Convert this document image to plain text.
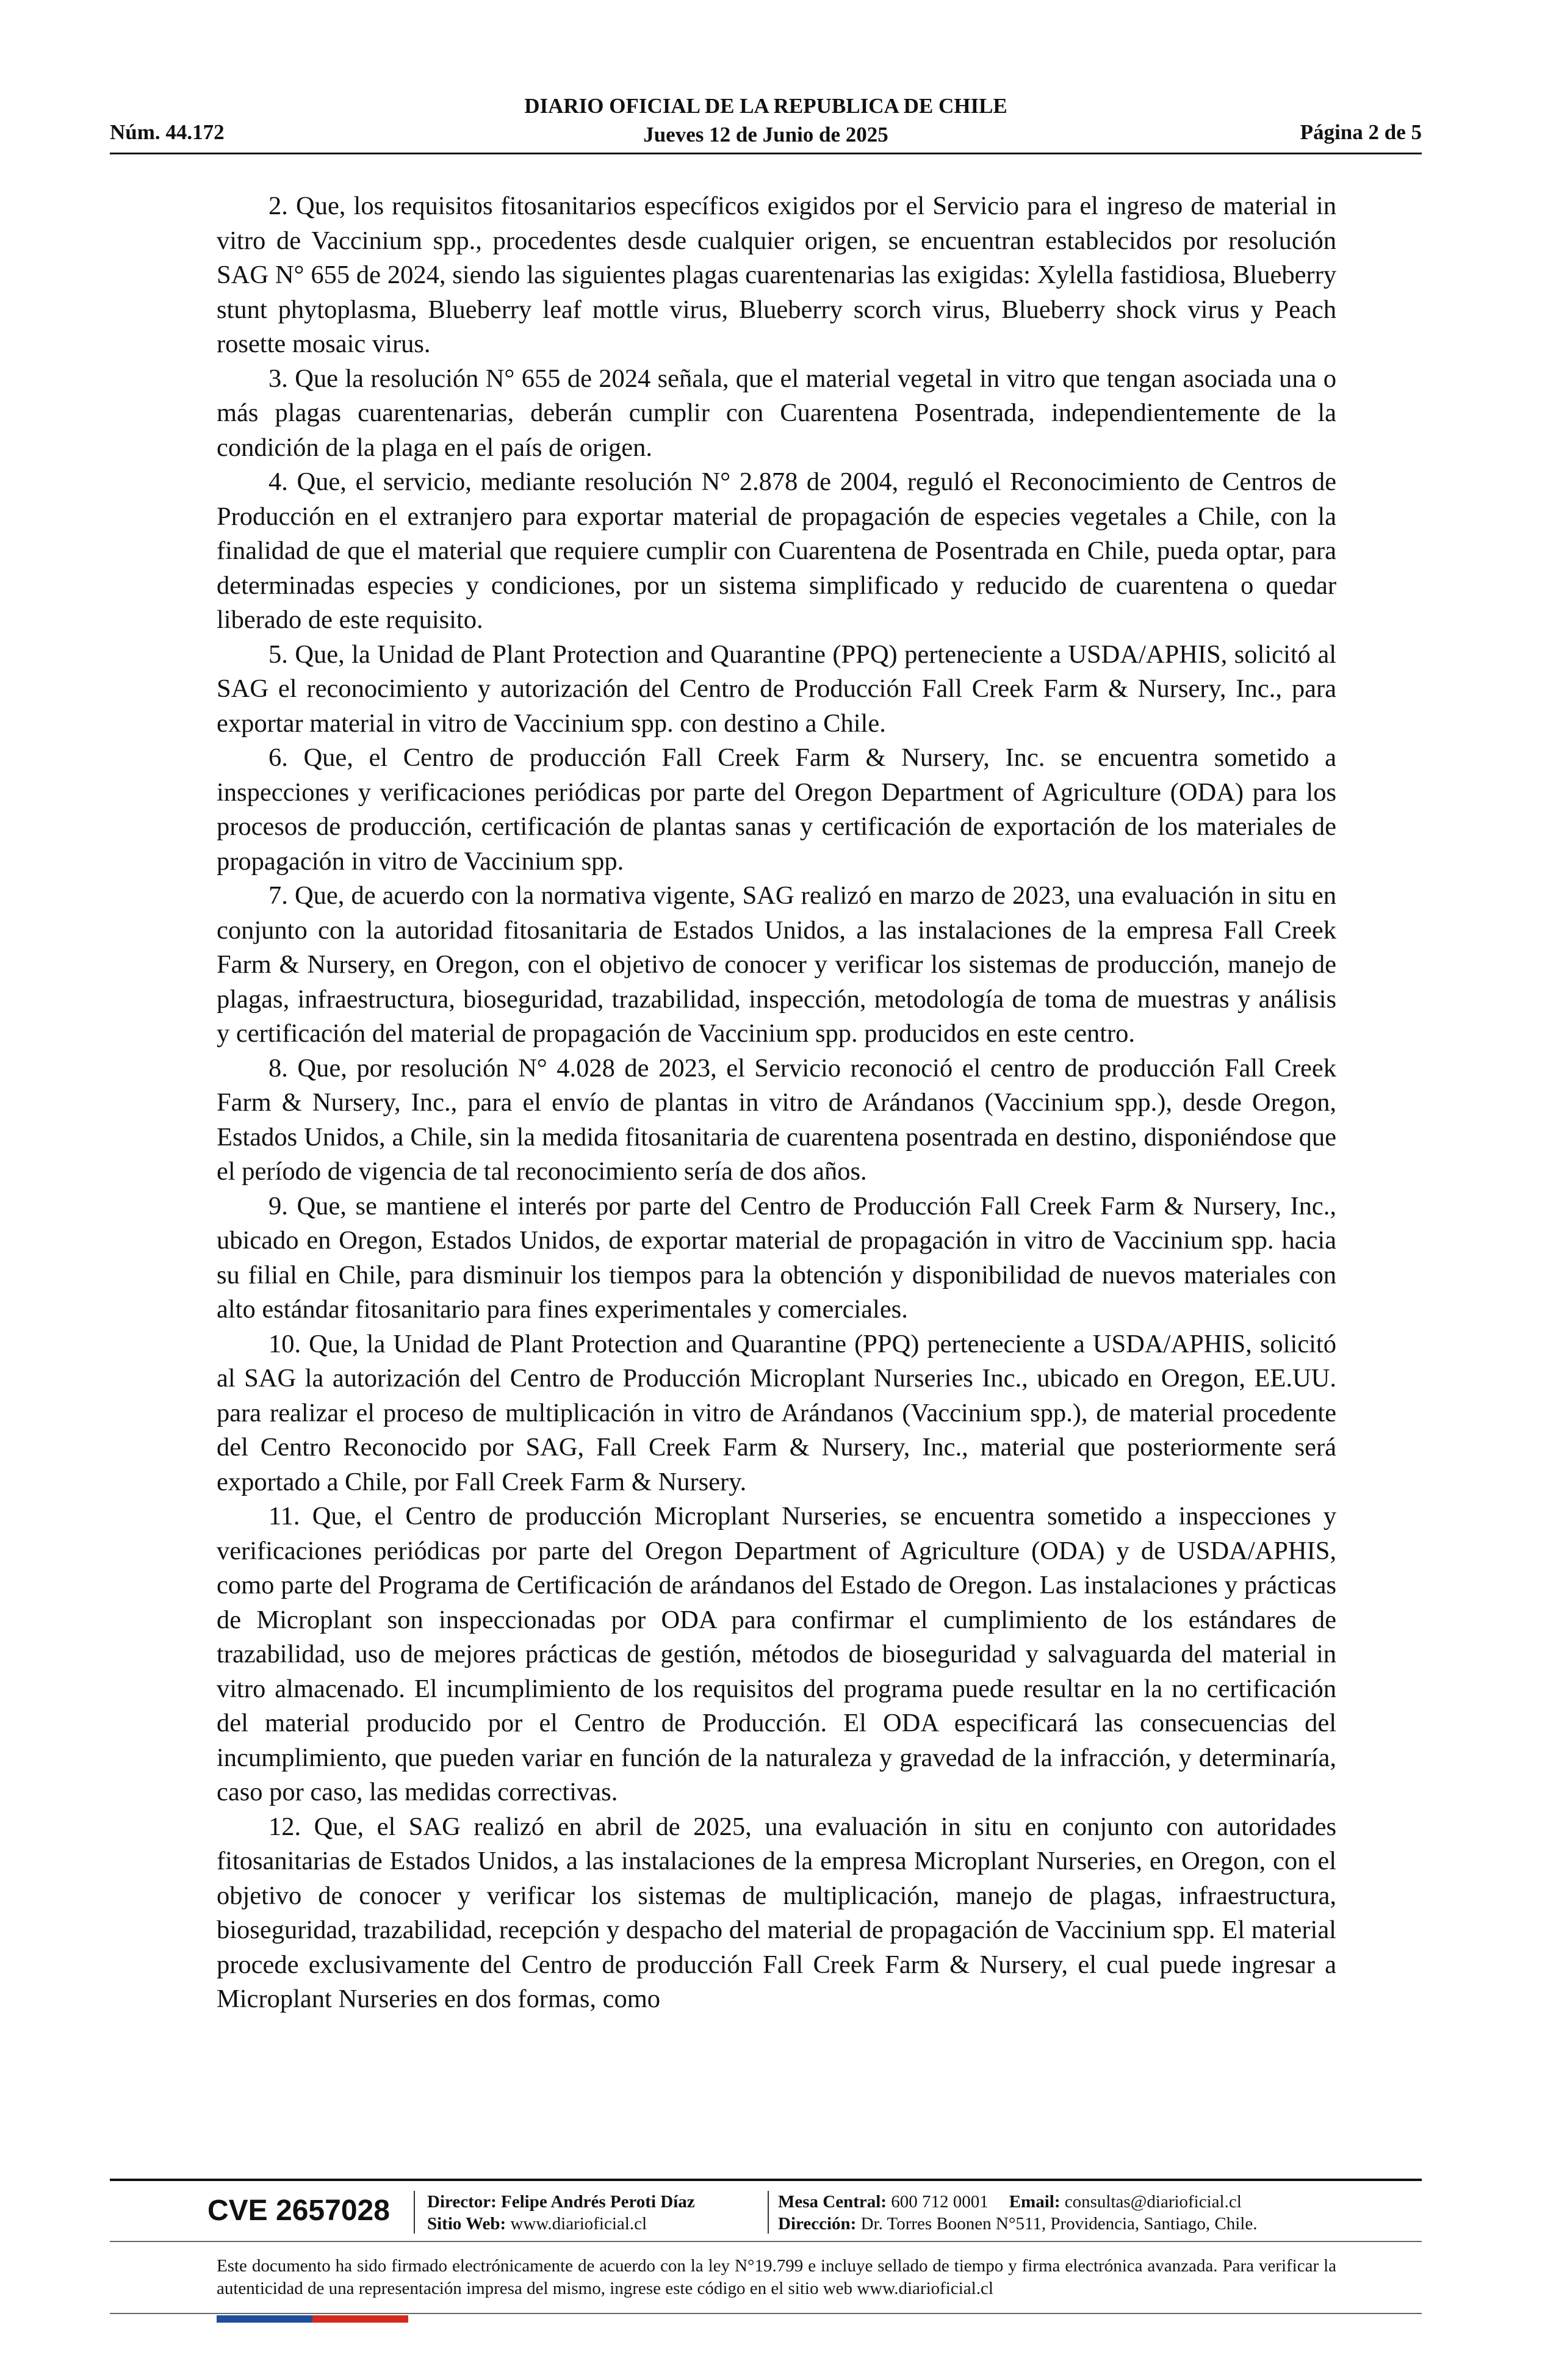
DIARIO OFICIAL DE LA REPUBLICA DE CHILE
Jueves 12 de Junio de 2025
Núm. 44.172	Página 2 de 5

2. Que, los requisitos fitosanitarios específicos exigidos por el Servicio para el ingreso de material in vitro de Vaccinium spp., procedentes desde cualquier origen, se encuentran establecidos por resolución SAG N° 655 de 2024, siendo las siguientes plagas cuarentenarias las exigidas: Xylella fastidiosa, Blueberry stunt phytoplasma, Blueberry leaf mottle virus, Blueberry scorch virus, Blueberry shock virus y Peach rosette mosaic virus.

3. Que la resolución N° 655 de 2024 señala, que el material vegetal in vitro que tengan asociada una o más plagas cuarentenarias, deberán cumplir con Cuarentena Posentrada, independientemente de la condición de la plaga en el país de origen.

4. Que, el servicio, mediante resolución N° 2.878 de 2004, reguló el Reconocimiento de Centros de Producción en el extranjero para exportar material de propagación de especies vegetales a Chile, con la finalidad de que el material que requiere cumplir con Cuarentena de Posentrada en Chile, pueda optar, para determinadas especies y condiciones, por un sistema simplificado y reducido de cuarentena o quedar liberado de este requisito.

5. Que, la Unidad de Plant Protection and Quarantine (PPQ) perteneciente a USDA/APHIS, solicitó al SAG el reconocimiento y autorización del Centro de Producción Fall Creek Farm & Nursery, Inc., para exportar material in vitro de Vaccinium spp. con destino a Chile.

6. Que, el Centro de producción Fall Creek Farm & Nursery, Inc. se encuentra sometido a inspecciones y verificaciones periódicas por parte del Oregon Department of Agriculture (ODA) para los procesos de producción, certificación de plantas sanas y certificación de exportación de los materiales de propagación in vitro de Vaccinium spp.

7. Que, de acuerdo con la normativa vigente, SAG realizó en marzo de 2023, una evaluación in situ en conjunto con la autoridad fitosanitaria de Estados Unidos, a las instalaciones de la empresa Fall Creek Farm & Nursery, en Oregon, con el objetivo de conocer y verificar los sistemas de producción, manejo de plagas, infraestructura, bioseguridad, trazabilidad, inspección, metodología de toma de muestras y análisis y certificación del material de propagación de Vaccinium spp. producidos en este centro.

8. Que, por resolución N° 4.028 de 2023, el Servicio reconoció el centro de producción Fall Creek Farm & Nursery, Inc., para el envío de plantas in vitro de Arándanos (Vaccinium spp.), desde Oregon, Estados Unidos, a Chile, sin la medida fitosanitaria de cuarentena posentrada en destino, disponiéndose que el período de vigencia de tal reconocimiento sería de dos años.

9. Que, se mantiene el interés por parte del Centro de Producción Fall Creek Farm & Nursery, Inc., ubicado en Oregon, Estados Unidos, de exportar material de propagación in vitro de Vaccinium spp. hacia su filial en Chile, para disminuir los tiempos para la obtención y disponibilidad de nuevos materiales con alto estándar fitosanitario para fines experimentales y comerciales.

10. Que, la Unidad de Plant Protection and Quarantine (PPQ) perteneciente a USDA/APHIS, solicitó al SAG la autorización del Centro de Producción Microplant Nurseries Inc., ubicado en Oregon, EE.UU. para realizar el proceso de multiplicación in vitro de Arándanos (Vaccinium spp.), de material procedente del Centro Reconocido por SAG, Fall Creek Farm & Nursery, Inc., material que posteriormente será exportado a Chile, por Fall Creek Farm & Nursery.

11. Que, el Centro de producción Microplant Nurseries, se encuentra sometido a inspecciones y verificaciones periódicas por parte del Oregon Department of Agriculture (ODA) y de USDA/APHIS, como parte del Programa de Certificación de arándanos del Estado de Oregon. Las instalaciones y prácticas de Microplant son inspeccionadas por ODA para confirmar el cumplimiento de los estándares de trazabilidad, uso de mejores prácticas de gestión, métodos de bioseguridad y salvaguarda del material in vitro almacenado. El incumplimiento de los requisitos del programa puede resultar en la no certificación del material producido por el Centro de Producción. El ODA especificará las consecuencias del incumplimiento, que pueden variar en función de la naturaleza y gravedad de la infracción, y determinaría, caso por caso, las medidas correctivas.

12. Que, el SAG realizó en abril de 2025, una evaluación in situ en conjunto con autoridades fitosanitarias de Estados Unidos, a las instalaciones de la empresa Microplant Nurseries, en Oregon, con el objetivo de conocer y verificar los sistemas de multiplicación, manejo de plagas, infraestructura, bioseguridad, trazabilidad, recepción y despacho del material de propagación de Vaccinium spp. El material procede exclusivamente del Centro de producción Fall Creek Farm & Nursery, el cual puede ingresar a Microplant Nurseries en dos formas, como

CVE 2657028 Director: Felipe Andrés Peroti Díaz
Sitio Web: www.diarioficial.cl
Mesa Central: 600 712 0001 Email: consultas@diarioficial.cl
Dirección: Dr. Torres Boonen N°511, Providencia, Santiago, Chile.
Este documento ha sido firmado electrónicamente de acuerdo con la ley N°19.799 e incluye sellado de tiempo y firma electrónica avanzada. Para verificar la autenticidad de una representación impresa del mismo, ingrese este código en el sitio web www.diarioficial.cl
